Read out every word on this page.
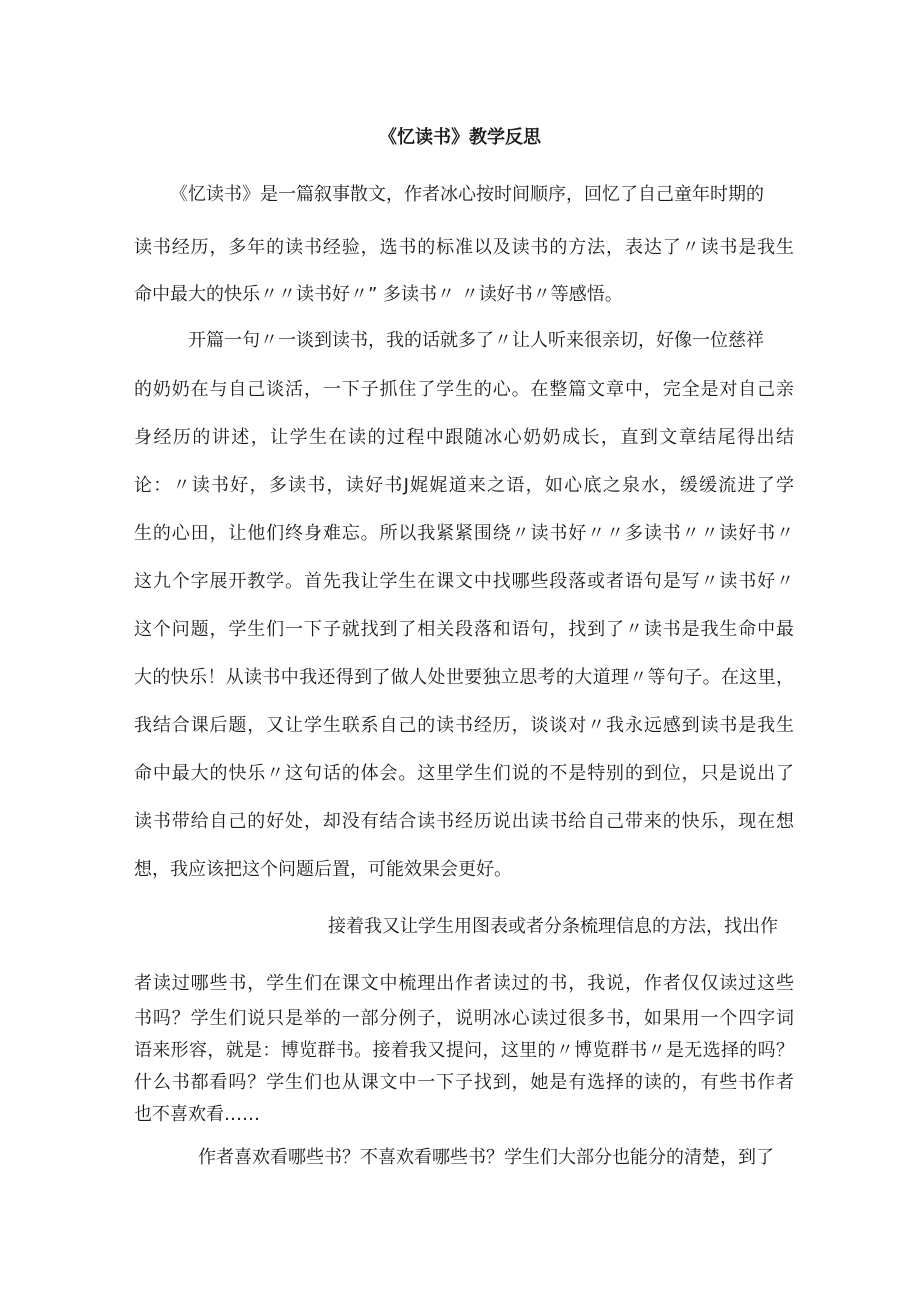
《忆读书》教学反思
《忆读书》是一篇叙事散文，作者冰心按时间顺序，回忆了自己童年时期的
读书经历，多年的读书经验，选书的标准以及读书的方法，表达了〃读书是我生
命中最大的快乐〃〃读书好〃” 多读书〃 〃读好书〃等感悟。
开篇一句〃一谈到读书，我的话就多了〃让人听来很亲切，好像一位慈祥
的奶奶在与自己谈活，一下子抓住了学生的心。在整篇文章中，完全是对自己亲
身经历的讲述，让学生在读的过程中跟随冰心奶奶成长，直到文章结尾得出结
论：〃读书好，多读书，读好书J娓娓道来之语，如心底之泉水，缓缓流进了学
生的心田，让他们终身难忘。所以我紧紧围绕〃读书好〃〃多读书〃〃读好书〃
这九个字展开教学。首先我让学生在课文中找哪些段落或者语句是写〃读书好〃
这个问题，学生们一下子就找到了相关段落和语句，找到了〃读书是我生命中最
大的快乐！从读书中我还得到了做人处世要独立思考的大道理〃等句子。在这里，
我结合课后题，又让学生联系自己的读书经历，谈谈对〃我永远感到读书是我生
命中最大的快乐〃这句话的体会。这里学生们说的不是特别的到位，只是说出了
读书带给自己的好处，却没有结合读书经历说出读书给自己带来的快乐，现在想
想，我应该把这个问题后置，可能效果会更好。
接着我又让学生用图表或者分条梳理信息的方法，找出作
者读过哪些书，学生们在课文中梳理出作者读过的书，我说，作者仅仅读过这些
书吗？学生们说只是举的一部分例子，说明冰心读过很多书，如果用一个四字词
语来形容，就是：博览群书。接着我又提问，这里的〃博览群书〃是无选择的吗？
什么书都看吗？学生们也从课文中一下子找到，她是有选择的读的，有些书作者
也不喜欢看……
作者喜欢看哪些书？不喜欢看哪些书？学生们大部分也能分的清楚，到了
